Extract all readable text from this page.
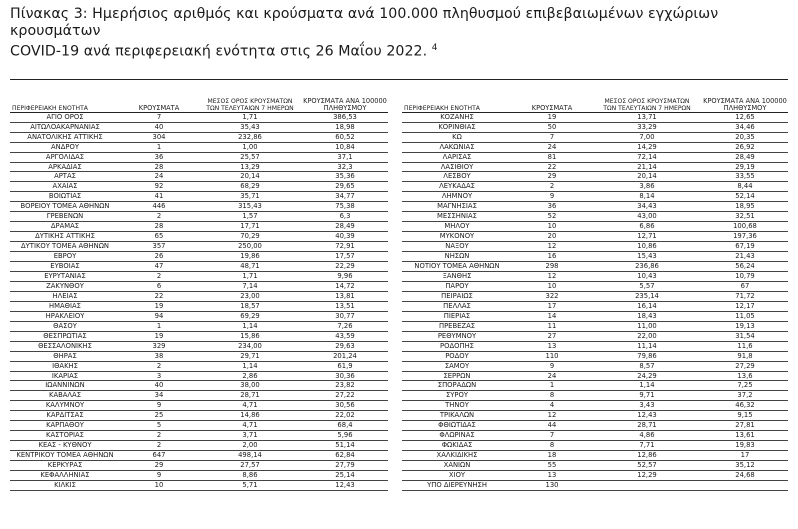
Πίνακας 3: Ημερήσιος αριθμός και κρούσματα ανά 100.000 πληθυσμού επιβεβαιωμένων εγχώριων κρουσμάτων
COVID-19 ανά περιφερειακή ενότητα στις 26 Μαΐου 2022. $^4$
ΠΕΡΙΦΕΡΕΙΑΚΗ ΕΝΟΤΗΤΑ	ΚΡΟΥΣΜΑΤΑ	ΜΕΣΟΣ ΟΡΟΣ ΚΡΟΥΣΜΑΤΩΝ
ΤΩΝ ΤΕΛΕΥΤΑΙΩΝ 7 ΗΜΕΡΩΝ	ΚΡΟΥΣΜΑΤΑ ΑΝΑ 100000
ΠΛΗΘΥΣΜΟΥ		ΠΕΡΙΦΕΡΕΙΑΚΗ ΕΝΟΤΗΤΑ	ΚΡΟΥΣΜΑΤΑ	ΜΕΣΟΣ ΟΡΟΣ ΚΡΟΥΣΜΑΤΩΝ
ΤΩΝ ΤΕΛΕΥΤΑΙΩΝ 7 ΗΜΕΡΩΝ	ΚΡΟΥΣΜΑΤΑ ΑΝΑ 100000
ΠΛΗΘΥΣΜΟΥ
ΑΓΙΟ ΟΡΟΣ	7	1,71	386,53		ΚΟΖΑΝΗΣ	19	13,71	12,65
ΑΙΤΩΛΟΑΚΑΡΝΑΝΙΑΣ	40	35,43	18,98		ΚΟΡΙΝΘΙΑΣ	50	33,29	34,46
ΑΝΑΤΟΛΙΚΗΣ ΑΤΤΙΚΗΣ	304	232,86	60,52		ΚΩ	7	7,00	20,35
ΑΝΔΡΟΥ	1	1,00	10,84		ΛΑΚΩΝΙΑΣ	24	14,29	26,92
ΑΡΓΟΛΙΔΑΣ	36	25,57	37,1		ΛΑΡΙΣΑΣ	81	72,14	28,49
ΑΡΚΑΔΙΑΣ	28	13,29	32,3		ΛΑΣΙΘΙΟΥ	22	21,14	29,19
ΑΡΤΑΣ	24	20,14	35,36		ΛΕΣΒΟΥ	29	20,14	33,55
ΑΧΑΪΑΣ	92	68,29	29,65		ΛΕΥΚΑΔΑΣ	2	3,86	8,44
ΒΟΙΩΤΙΑΣ	41	35,71	34,77		ΛΗΜΝΟΥ	9	8,14	52,14
ΒΟΡΕΙΟΥ ΤΟΜΕΑ ΑΘΗΝΩΝ	446	315,43	75,38		ΜΑΓΝΗΣΙΑΣ	36	34,43	18,95
ΓΡΕΒΕΝΩΝ	2	1,57	6,3		ΜΕΣΣΗΝΙΑΣ	52	43,00	32,51
ΔΡΑΜΑΣ	28	17,71	28,49		ΜΗΛΟΥ	10	6,86	100,68
ΔΥΤΙΚΗΣ ΑΤΤΙΚΗΣ	65	70,29	40,39		ΜΥΚΟΝΟΥ	20	12,71	197,36
ΔΥΤΙΚΟΥ ΤΟΜΕΑ ΑΘΗΝΩΝ	357	250,00	72,91		ΝΑΞΟΥ	12	10,86	67,19
ΕΒΡΟΥ	26	19,86	17,57		ΝΗΣΩΝ	16	15,43	21,43
ΕΥΒΟΙΑΣ	47	48,71	22,29		ΝΟΤΙΟΥ ΤΟΜΕΑ ΑΘΗΝΩΝ	298	236,86	56,24
ΕΥΡΥΤΑΝΙΑΣ	2	1,71	9,96		ΞΑΝΘΗΣ	12	10,43	10,79
ΖΑΚΥΝΘΟΥ	6	7,14	14,72		ΠΑΡΟΥ	10	5,57	67
ΗΛΕΙΑΣ	22	23,00	13,81		ΠΕΙΡΑΙΩΣ	322	235,14	71,72
ΗΜΑΘΙΑΣ	19	18,57	13,51		ΠΕΛΛΑΣ	17	16,14	12,17
ΗΡΑΚΛΕΙΟΥ	94	69,29	30,77		ΠΙΕΡΙΑΣ	14	18,43	11,05
ΘΑΣΟΥ	1	1,14	7,26		ΠΡΕΒΕΖΑΣ	11	11,00	19,13
ΘΕΣΠΡΩΤΙΑΣ	19	15,86	43,59		ΡΕΘΥΜΝΟΥ	27	22,00	31,54
ΘΕΣΣΑΛΟΝΙΚΗΣ	329	234,00	29,63		ΡΟΔΟΠΗΣ	13	11,14	11,6
ΘΗΡΑΣ	38	29,71	201,24		ΡΟΔΟΥ	110	79,86	91,8
ΙΘΑΚΗΣ	2	1,14	61,9		ΣΑΜΟΥ	9	8,57	27,29
ΙΚΑΡΙΑΣ	3	2,86	30,36		ΣΕΡΡΩΝ	24	24,29	13,6
ΙΩΑΝΝΙΝΩΝ	40	38,00	23,82		ΣΠΟΡΑΔΩΝ	1	1,14	7,25
ΚΑΒΑΛΑΣ	34	28,71	27,22		ΣΥΡΟΥ	8	9,71	37,2
ΚΑΛΥΜΝΟΥ	9	4,71	30,56		ΤΗΝΟΥ	4	3,43	46,32
ΚΑΡΔΙΤΣΑΣ	25	14,86	22,02		ΤΡΙΚΑΛΩΝ	12	12,43	9,15
ΚΑΡΠΑΘΟΥ	5	4,71	68,4		ΦΘΙΩΤΙΔΑΣ	44	28,71	27,81
ΚΑΣΤΟΡΙΑΣ	2	3,71	5,96		ΦΛΩΡΙΝΑΣ	7	4,86	13,61
ΚΕΑΣ - ΚΥΘΝΟΥ	2	2,00	51,14		ΦΩΚΙΔΑΣ	8	7,71	19,83
ΚΕΝΤΡΙΚΟΥ ΤΟΜΕΑ ΑΘΗΝΩΝ	647	498,14	62,84		ΧΑΛΚΙΔΙΚΗΣ	18	12,86	17
ΚΕΡΚΥΡΑΣ	29	27,57	27,79		ΧΑΝΙΩΝ	55	52,57	35,12
ΚΕΦΑΛΛΗΝΙΑΣ	9	8,86	25,14		ΧΙΟΥ	13	12,29	24,68
ΚΙΛΚΙΣ	10	5,71	12,43		ΥΠΟ ΔΙΕΡΕΥΝΗΣΗ	130		
